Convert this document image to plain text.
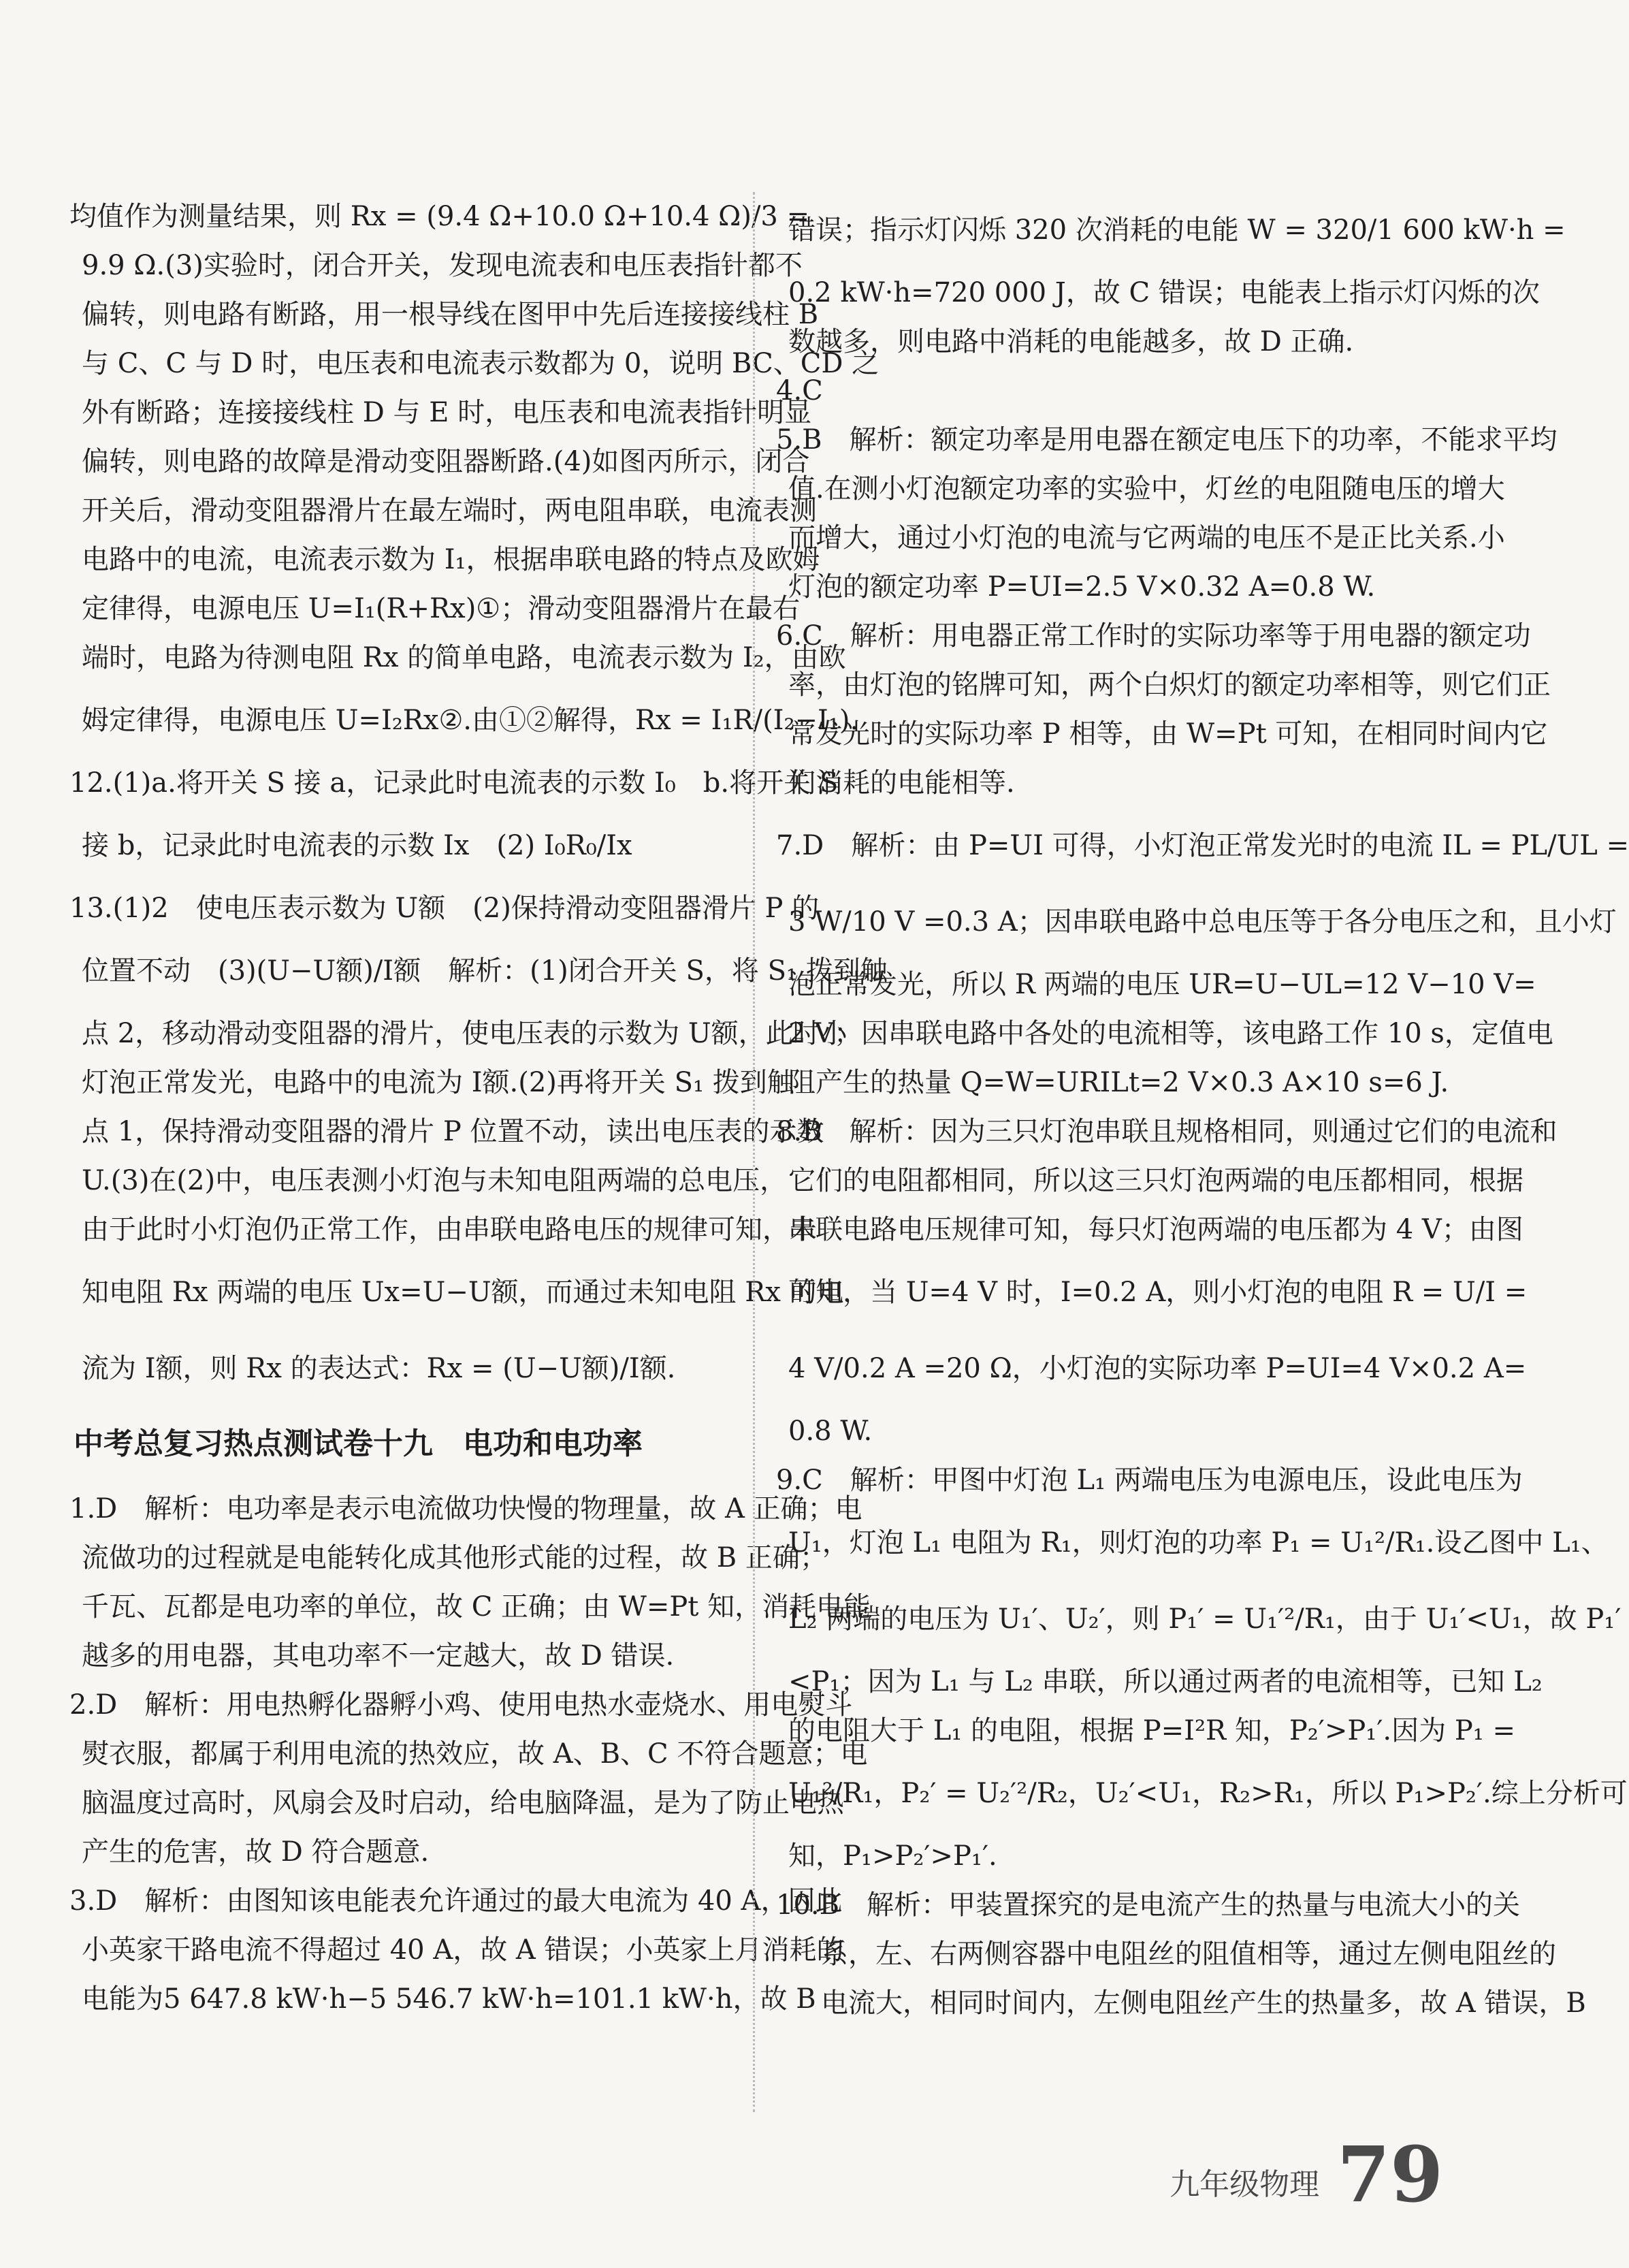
均值作为测量结果，则 Rx = (9.4 Ω+10.0 Ω+10.4 Ω)/3 =
9.9 Ω.(3)实验时，闭合开关，发现电流表和电压表指针都不
偏转，则电路有断路，用一根导线在图甲中先后连接接线柱 B
与 C、C 与 D 时，电压表和电流表示数都为 0，说明 BC、CD 之
外有断路；连接接线柱 D 与 E 时，电压表和电流表指针明显
偏转，则电路的故障是滑动变阻器断路.(4)如图丙所示，闭合
开关后，滑动变阻器滑片在最左端时，两电阻串联，电流表测
电路中的电流，电流表示数为 I₁，根据串联电路的特点及欧姆
定律得，电源电压 U=I₁(R+Rx)①；滑动变阻器滑片在最右
端时，电路为待测电阻 Rx 的简单电路，电流表示数为 I₂，由欧
姆定律得，电源电压 U=I₂Rx②.由①②解得，Rx = I₁R/(I₂−I₁).
12.(1)a.将开关 S 接 a，记录此时电流表的示数 I₀　b.将开关 S
接 b，记录此时电流表的示数 Ix　(2) I₀R₀/Ix
13.(1)2　使电压表示数为 U额　(2)保持滑动变阻器滑片 P 的
位置不动　(3)(U−U额)/I额　解析：(1)闭合开关 S，将 S₁ 拨到触
点 2，移动滑动变阻器的滑片，使电压表的示数为 U额，此时小
灯泡正常发光，电路中的电流为 I额.(2)再将开关 S₁ 拨到触
点 1，保持滑动变阻器的滑片 P 位置不动，读出电压表的示数
U.(3)在(2)中，电压表测小灯泡与未知电阻两端的总电压，
由于此时小灯泡仍正常工作，由串联电路电压的规律可知，未
知电阻 Rx 两端的电压 Ux=U−U额，而通过未知电阻 Rx 的电
流为 I额，则 Rx 的表达式：Rx = (U−U额)/I额.
中考总复习热点测试卷十九　电功和电功率
1.D　解析：电功率是表示电流做功快慢的物理量，故 A 正确；电
流做功的过程就是电能转化成其他形式能的过程，故 B 正确；
千瓦、瓦都是电功率的单位，故 C 正确；由 W=Pt 知，消耗电能
越多的用电器，其电功率不一定越大，故 D 错误.
2.D　解析：用电热孵化器孵小鸡、使用电热水壶烧水、用电熨斗
熨衣服，都属于利用电流的热效应，故 A、B、C 不符合题意；电
脑温度过高时，风扇会及时启动，给电脑降温，是为了防止电热
产生的危害，故 D 符合题意.
3.D　解析：由图知该电能表允许通过的最大电流为 40 A，因此
小英家干路电流不得超过 40 A，故 A 错误；小英家上月消耗的
电能为5 647.8 kW·h−5 546.7 kW·h=101.1 kW·h，故 B
错误；指示灯闪烁 320 次消耗的电能 W = 320/1 600 kW·h =
0.2 kW·h=720 000 J，故 C 错误；电能表上指示灯闪烁的次
数越多，则电路中消耗的电能越多，故 D 正确.
4.C
5.B　解析：额定功率是用电器在额定电压下的功率，不能求平均
值.在测小灯泡额定功率的实验中，灯丝的电阻随电压的增大
而增大，通过小灯泡的电流与它两端的电压不是正比关系.小
灯泡的额定功率 P=UI=2.5 V×0.32 A=0.8 W.
6.C　解析：用电器正常工作时的实际功率等于用电器的额定功
率，由灯泡的铭牌可知，两个白炽灯的额定功率相等，则它们正
常发光时的实际功率 P 相等，由 W=Pt 可知，在相同时间内它
们消耗的电能相等.
7.D　解析：由 P=UI 可得，小灯泡正常发光时的电流 IL = PL/UL =
3 W/10 V =0.3 A；因串联电路中总电压等于各分电压之和，且小灯
泡正常发光，所以 R 两端的电压 UR=U−UL=12 V−10 V=
2 V；因串联电路中各处的电流相等，该电路工作 10 s，定值电
阻产生的热量 Q=W=URILt=2 V×0.3 A×10 s=6 J.
8.B　解析：因为三只灯泡串联且规格相同，则通过它们的电流和
它们的电阻都相同，所以这三只灯泡两端的电压都相同，根据
串联电路电压规律可知，每只灯泡两端的电压都为 4 V；由图
可知，当 U=4 V 时，I=0.2 A，则小灯泡的电阻 R = U/I =
4 V/0.2 A =20 Ω，小灯泡的实际功率 P=UI=4 V×0.2 A=
0.8 W.
9.C　解析：甲图中灯泡 L₁ 两端电压为电源电压，设此电压为
U₁，灯泡 L₁ 电阻为 R₁，则灯泡的功率 P₁ = U₁²/R₁.设乙图中 L₁、
L₂ 两端的电压为 U₁′、U₂′，则 P₁′ = U₁′²/R₁，由于 U₁′<U₁，故 P₁′
<P₁；因为 L₁ 与 L₂ 串联，所以通过两者的电流相等，已知 L₂
的电阻大于 L₁ 的电阻，根据 P=I²R 知，P₂′>P₁′.因为 P₁ =
U₁²/R₁，P₂′ = U₂′²/R₂，U₂′<U₁，R₂>R₁，所以 P₁>P₂′.综上分析可
知，P₁>P₂′>P₁′.
10.B　解析：甲装置探究的是电流产生的热量与电流大小的关
系，左、右两侧容器中电阻丝的阻值相等，通过左侧电阻丝的
电流大，相同时间内，左侧电阻丝产生的热量多，故 A 错误，B
九年级物理 79
